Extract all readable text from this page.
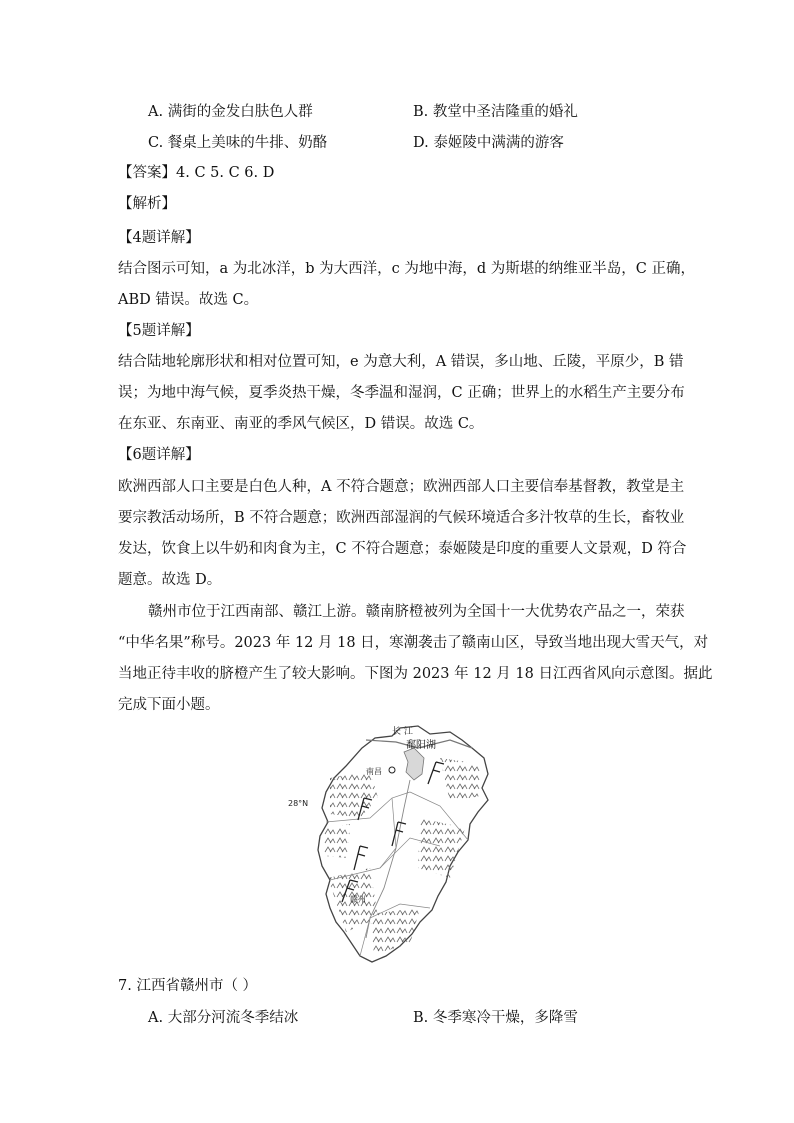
A. 满街的金发白肤色人群	B. 教堂中圣洁隆重的婚礼
C. 餐桌上美味的牛排、奶酪	D. 泰姬陵中满满的游客
【答案】4. C 5. C 6. D
【解析】
【4题详解】
结合图示可知，a 为北冰洋，b 为大西洋，c 为地中海，d 为斯堪的纳维亚半岛，C 正确，
ABD 错误。故选 C。
【5题详解】
结合陆地轮廓形状和相对位置可知，e 为意大利，A 错误，多山地、丘陵，平原少，B 错
误；为地中海气候，夏季炎热干燥，冬季温和湿润，C 正确；世界上的水稻生产主要分布
在东亚、东南亚、南亚的季风气候区，D 错误。故选 C。
【6题详解】
欧洲西部人口主要是白色人种，A 不符合题意；欧洲西部人口主要信奉基督教，教堂是主
要宗教活动场所，B 不符合题意；欧洲西部湿润的气候环境适合多汁牧草的生长，畜牧业
发达，饮食上以牛奶和肉食为主，C 不符合题意；泰姬陵是印度的重要人文景观，D 符合
题意。故选 D。
赣州市位于江西南部、赣江上游。赣南脐橙被列为全国十一大优势农产品之一，荣获
“中华名果”称号。2023 年 12 月 18 日，寒潮袭击了赣南山区，导致当地出现大雪天气，对
当地正待丰收的脐橙产生了较大影响。下图为 2023 年 12 月 18 日江西省风向示意图。据此
完成下面小题。
长 江
鄱阳湖
南昌
28°N
赣州
7. 江西省赣州市（ ）
A. 大部分河流冬季结冰	B. 冬季寒冷干燥，多降雪
